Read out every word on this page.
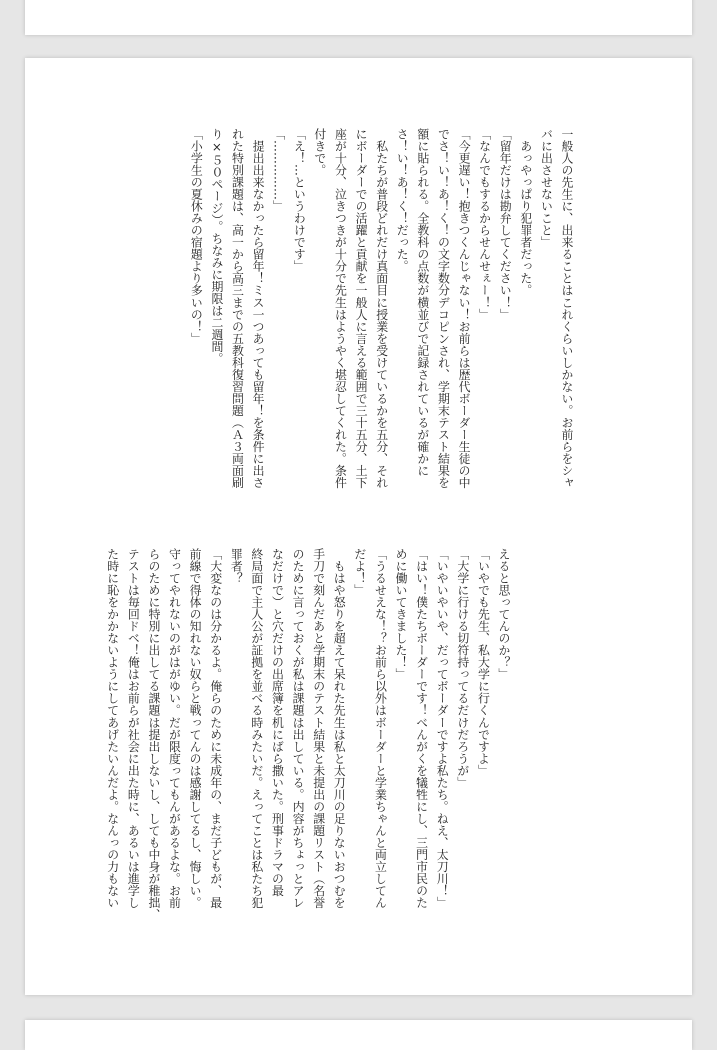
一般人の先生に、出来ることはこれくらいしかない。お前らをシャ
バに出させないこと」
　あっやっぱり犯罪者だった。
「留年だけは勘弁してください！」
「なんでもするからせんせぇー！」
「今更遅い！抱きつくんじゃない！お前らは歴代ボーダー生徒の中
でさ！い！あ！く！の文字数分デコピンされ、学期末テスト結果を
額に貼られる。全教科の点数が横並びで記録されているが確かに
さ！い！あ！く！だった。
　私たちが普段どれだけ真面目に授業を受けているかを五分、それ
にボーダーでの活躍と貢献を一般人に言える範囲で三十五分、土下
座が十分、泣きつきが十分で先生はようやく堪忍してくれた。条件
付きで。
「え！…というわけです」
「……………」
　提出出来なかったら留年！ミス一つあっても留年！を条件に出さ
れた特別課題は、高一から高三までの五教科復習問題（Ａ３両面刷
り×５０ページ）。ちなみに期限は二週間。
「小学生の夏休みの宿題より多いの！」
えると思ってんのか？」
「いやでも先生、私大学に行くんですよ」
「大学に行ける切符持ってるだけだろうが」
「いやいやいや、だってボーダーですよ私たち。ねえ、太刀川！」
「はい！僕たちボーダーです！べんがくを犠牲にし、三門市民のた
めに働いてきました！」
「うるせえな！？お前ら以外はボーダーと学業ちゃんと両立してん
だよ！」
　もはや怒りを超えて呆れた先生は私と太刀川の足りないおつむを
手刀で刻んだあと学期末のテスト結果と未提出の課題リスト（名誉
のために言っておくが私は課題は出している。内容がちょっとアレ
なだけで）と穴だけの出席簿を机にばら撒いた。刑事ドラマの最
終局面で主人公が証拠を並べる時みたいだ。えってことは私たち犯
罪者？
「大変なのは分かるよ。俺らのために未成年の、まだ子どもが、最
前線で得体の知れない奴らと戦ってんのは感謝してるし、悔しい。
守ってやれないのがはがゆい。だが限度ってもんがあるよな。お前
らのために特別に出してる課題は提出しないし、しても中身が稚拙、
テストは毎回ドベ！俺はお前らが社会に出た時に、あるいは進学し
た時に恥をかかないようにしてあげたいんだよ。なんっの力もない
